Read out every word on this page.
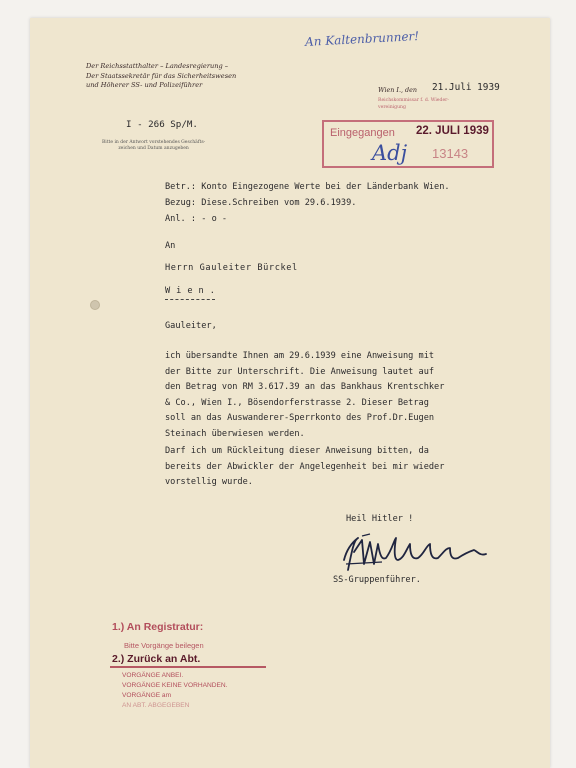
An Kaltenbrunner!
Der Reichsstatthalter – Landesregierung –
Der Staatssekretär für das Sicherheitswesen
und Höherer SS- und Polizeiführer
I - 266 Sp/M.
Bitte in der Antwort vorstehendes Geschäfts-
zeichen und Datum anzugeben
Wien I., den 21.Juli 1939
Reichskommissar f. d. Wieder-
vereinigung
Eingegangen 22. JULI 1939
Adj 13143
Betr.: Konto Eingezogene Werte bei der Länderbank Wien.
Bezug: Diese.Schreiben vom 29.6.1939.
Anl. : - o -
An
Herrn Gauleiter Bürckel
Wien.
Gauleiter,
ich übersandte Ihnen am 29.6.1939 eine Anweisung mit
der Bitte zur Unterschrift. Die Anweisung lautet auf
den Betrag von RM 3.617.39 an das Bankhaus Krentschker
& Co., Wien I., Bösendorferstrasse 2. Dieser Betrag
soll an das Auswanderer-Sperrkonto des Prof.Dr.Eugen
Steinach überwiesen werden.
Darf ich um Rückleitung dieser Anweisung bitten, da
bereits der Abwickler der Angelegenheit bei mir wieder
vorstellig wurde.
Heil Hitler !
SS-Gruppenführer.
1.) An Registratur:
Bitte Vorgänge beilegen
2.) Zurück an Abt.
VORGÄNGE ANBEI.
VORGÄNGE KEINE VORHANDEN.
VORGÄNGE am
AN ABT. ABGEGEBEN
